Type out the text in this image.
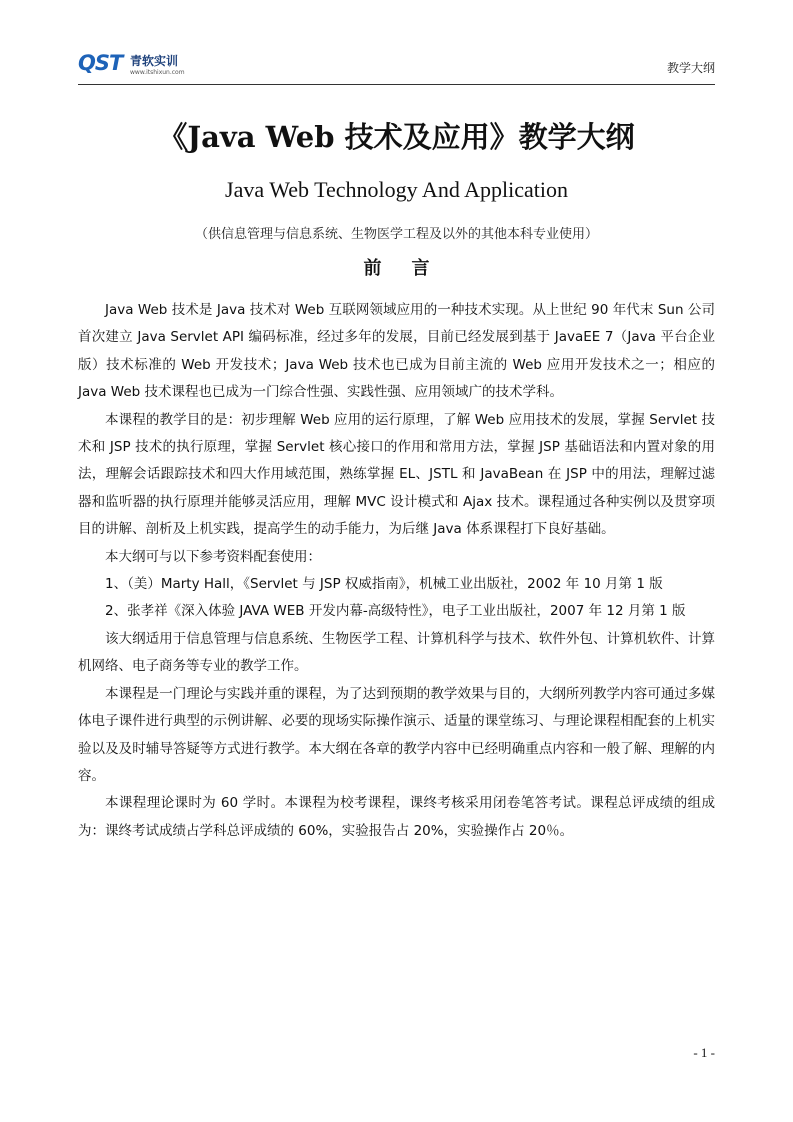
QST 青软实训
www.itshixun.com	教学大纲
《Java Web 技术及应用》教学大纲
Java Web Technology And Application
（供信息管理与信息系统、生物医学工程及以外的其他本科专业使用）
前言

Java Web 技术是 Java 技术对 Web 互联网领域应用的一种技术实现。从上世纪 90 年代末 Sun 公司首次建立 Java Servlet API 编码标准，经过多年的发展，目前已经发展到基于 JavaEE 7（Java 平台企业版）技术标准的 Web 开发技术；Java Web 技术也已成为目前主流的 Web 应用开发技术之一；相应的 Java Web 技术课程也已成为一门综合性强、实践性强、应用领域广的技术学科。

本课程的教学目的是：初步理解 Web 应用的运行原理，了解 Web 应用技术的发展，掌握 Servlet 技术和 JSP 技术的执行原理，掌握 Servlet 核心接口的作用和常用方法，掌握 JSP 基础语法和内置对象的用法，理解会话跟踪技术和四大作用域范围，熟练掌握 EL、JSTL 和 JavaBean 在 JSP 中的用法，理解过滤器和监听器的执行原理并能够灵活应用，理解 MVC 设计模式和 Ajax 技术。课程通过各种实例以及贯穿项目的讲解、剖析及上机实践，提高学生的动手能力，为后继 Java 体系课程打下良好基础。

本大纲可与以下参考资料配套使用：

1、（美）Marty Hall，《Servlet 与 JSP 权威指南》，机械工业出版社，2002 年 10 月第 1 版

2、张孝祥《深入体验 JAVA WEB 开发内幕-高级特性》，电子工业出版社，2007 年 12 月第 1 版

该大纲适用于信息管理与信息系统、生物医学工程、计算机科学与技术、软件外包、计算机软件、计算机网络、电子商务等专业的教学工作。

本课程是一门理论与实践并重的课程，为了达到预期的教学效果与目的，大纲所列教学内容可通过多媒体电子课件进行典型的示例讲解、必要的现场实际操作演示、适量的课堂练习、与理论课程相配套的上机实验以及及时辅导答疑等方式进行教学。本大纲在各章的教学内容中已经明确重点内容和一般了解、理解的内容。

本课程理论课时为 60 学时。本课程为校考课程，课终考核采用闭卷笔答考试。课程总评成绩的组成为：课终考试成绩占学科总评成绩的 60%，实验报告占 20%，实验操作占 20％。

- 1 -
